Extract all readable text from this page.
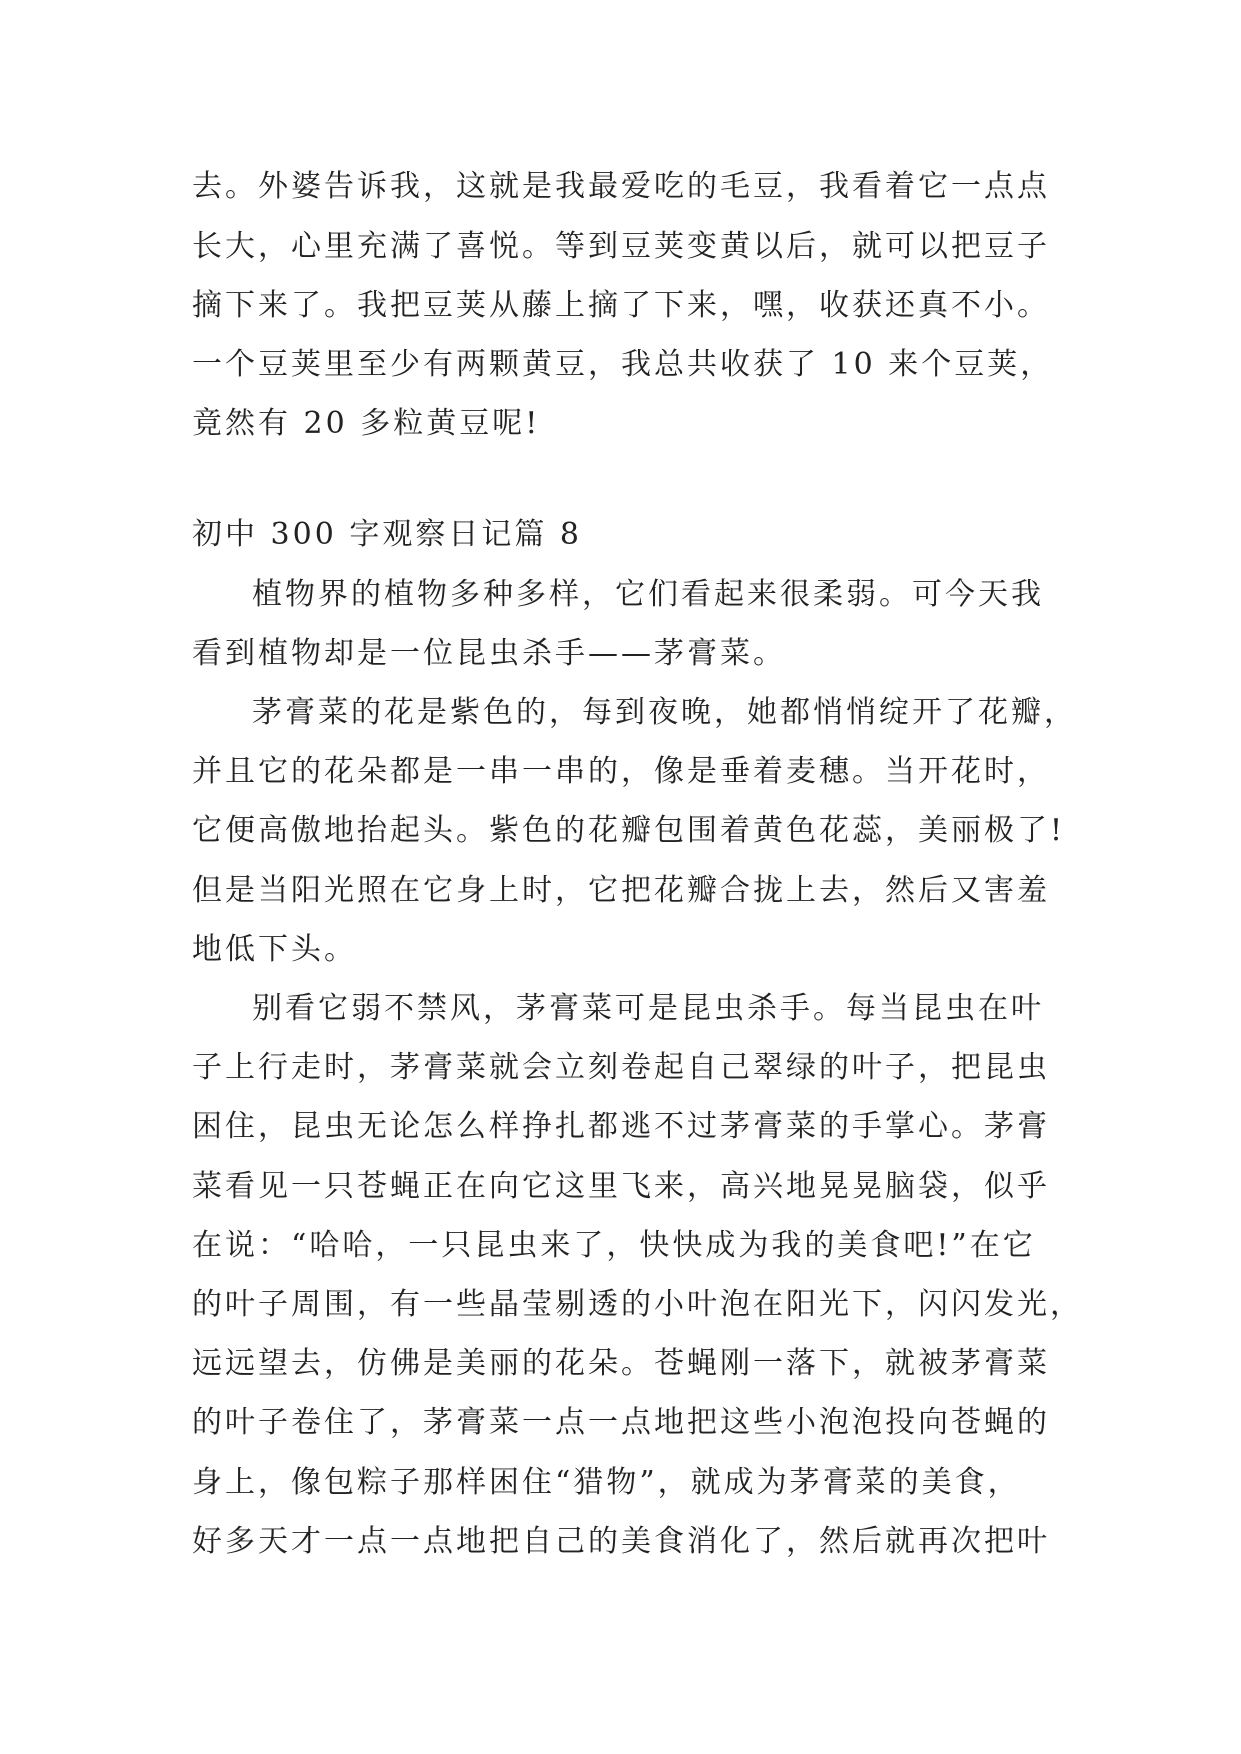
去。外婆告诉我，这就是我最爱吃的毛豆，我看着它一点点
长大，心里充满了喜悦。等到豆荚变黄以后，就可以把豆子
摘下来了。我把豆荚从藤上摘了下来，嘿，收获还真不小。
一个豆荚里至少有两颗黄豆，我总共收获了 10 来个豆荚，
竟然有 20 多粒黄豆呢!
初中 300 字观察日记篇 8
植物界的植物多种多样，它们看起来很柔弱。可今天我
看到植物却是一位昆虫杀手——茅膏菜。
茅膏菜的花是紫色的，每到夜晚，她都悄悄绽开了花瓣，
并且它的花朵都是一串一串的，像是垂着麦穗。当开花时，
它便高傲地抬起头。紫色的花瓣包围着黄色花蕊，美丽极了!
但是当阳光照在它身上时，它把花瓣合拢上去，然后又害羞
地低下头。
别看它弱不禁风，茅膏菜可是昆虫杀手。每当昆虫在叶
子上行走时，茅膏菜就会立刻卷起自己翠绿的叶子，把昆虫
困住，昆虫无论怎么样挣扎都逃不过茅膏菜的手掌心。茅膏
菜看见一只苍蝇正在向它这里飞来，高兴地晃晃脑袋，似乎
在说：“哈哈，一只昆虫来了，快快成为我的美食吧!”在它
的叶子周围，有一些晶莹剔透的小叶泡在阳光下，闪闪发光，
远远望去，仿佛是美丽的花朵。苍蝇刚一落下，就被茅膏菜
的叶子卷住了，茅膏菜一点一点地把这些小泡泡投向苍蝇的
身上，像包粽子那样困住“猎物”，就成为茅膏菜的美食，
好多天才一点一点地把自己的美食消化了，然后就再次把叶
